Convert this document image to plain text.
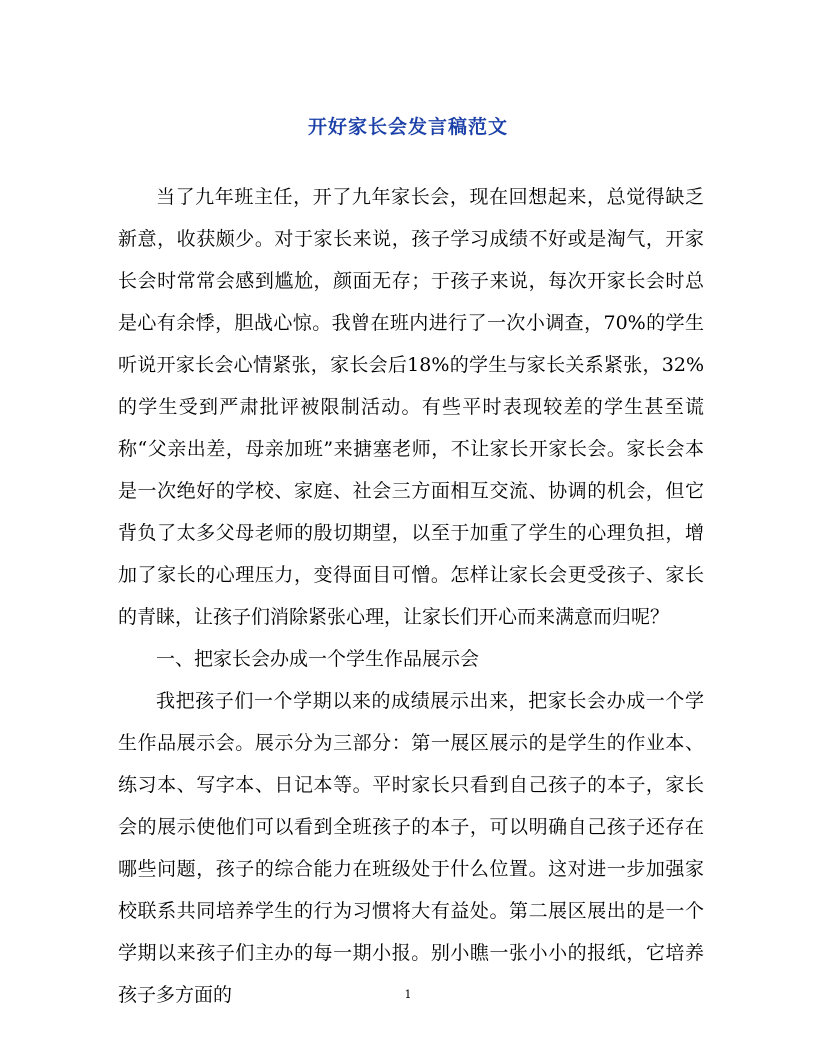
开好家长会发言稿范文

当了九年班主任，开了九年家长会，现在回想起来，总觉得缺乏新意，收获颇少。对于家长来说，孩子学习成绩不好或是淘气，开家长会时常常会感到尴尬，颜面无存；于孩子来说，每次开家长会时总是心有余悸，胆战心惊。我曾在班内进行了一次小调查，70%的学生听说开家长会心情紧张，家长会后18%的学生与家长关系紧张，32%的学生受到严肃批评被限制活动。有些平时表现较差的学生甚至谎称“父亲出差，母亲加班”来搪塞老师，不让家长开家长会。家长会本是一次绝好的学校、家庭、社会三方面相互交流、协调的机会，但它背负了太多父母老师的殷切期望，以至于加重了学生的心理负担，增加了家长的心理压力，变得面目可憎。怎样让家长会更受孩子、家长的青睐，让孩子们消除紧张心理，让家长们开心而来满意而归呢？

一、把家长会办成一个学生作品展示会

我把孩子们一个学期以来的成绩展示出来，把家长会办成一个学生作品展示会。展示分为三部分：第一展区展示的是学生的作业本、练习本、写字本、日记本等。平时家长只看到自己孩子的本子，家长会的展示使他们可以看到全班孩子的本子，可以明确自己孩子还存在哪些问题，孩子的综合能力在班级处于什么位置。这对进一步加强家校联系共同培养学生的行为习惯将大有益处。第二展区展出的是一个学期以来孩子们主办的每一期小报。别小瞧一张小小的报纸，它培养孩子多方面的	1
